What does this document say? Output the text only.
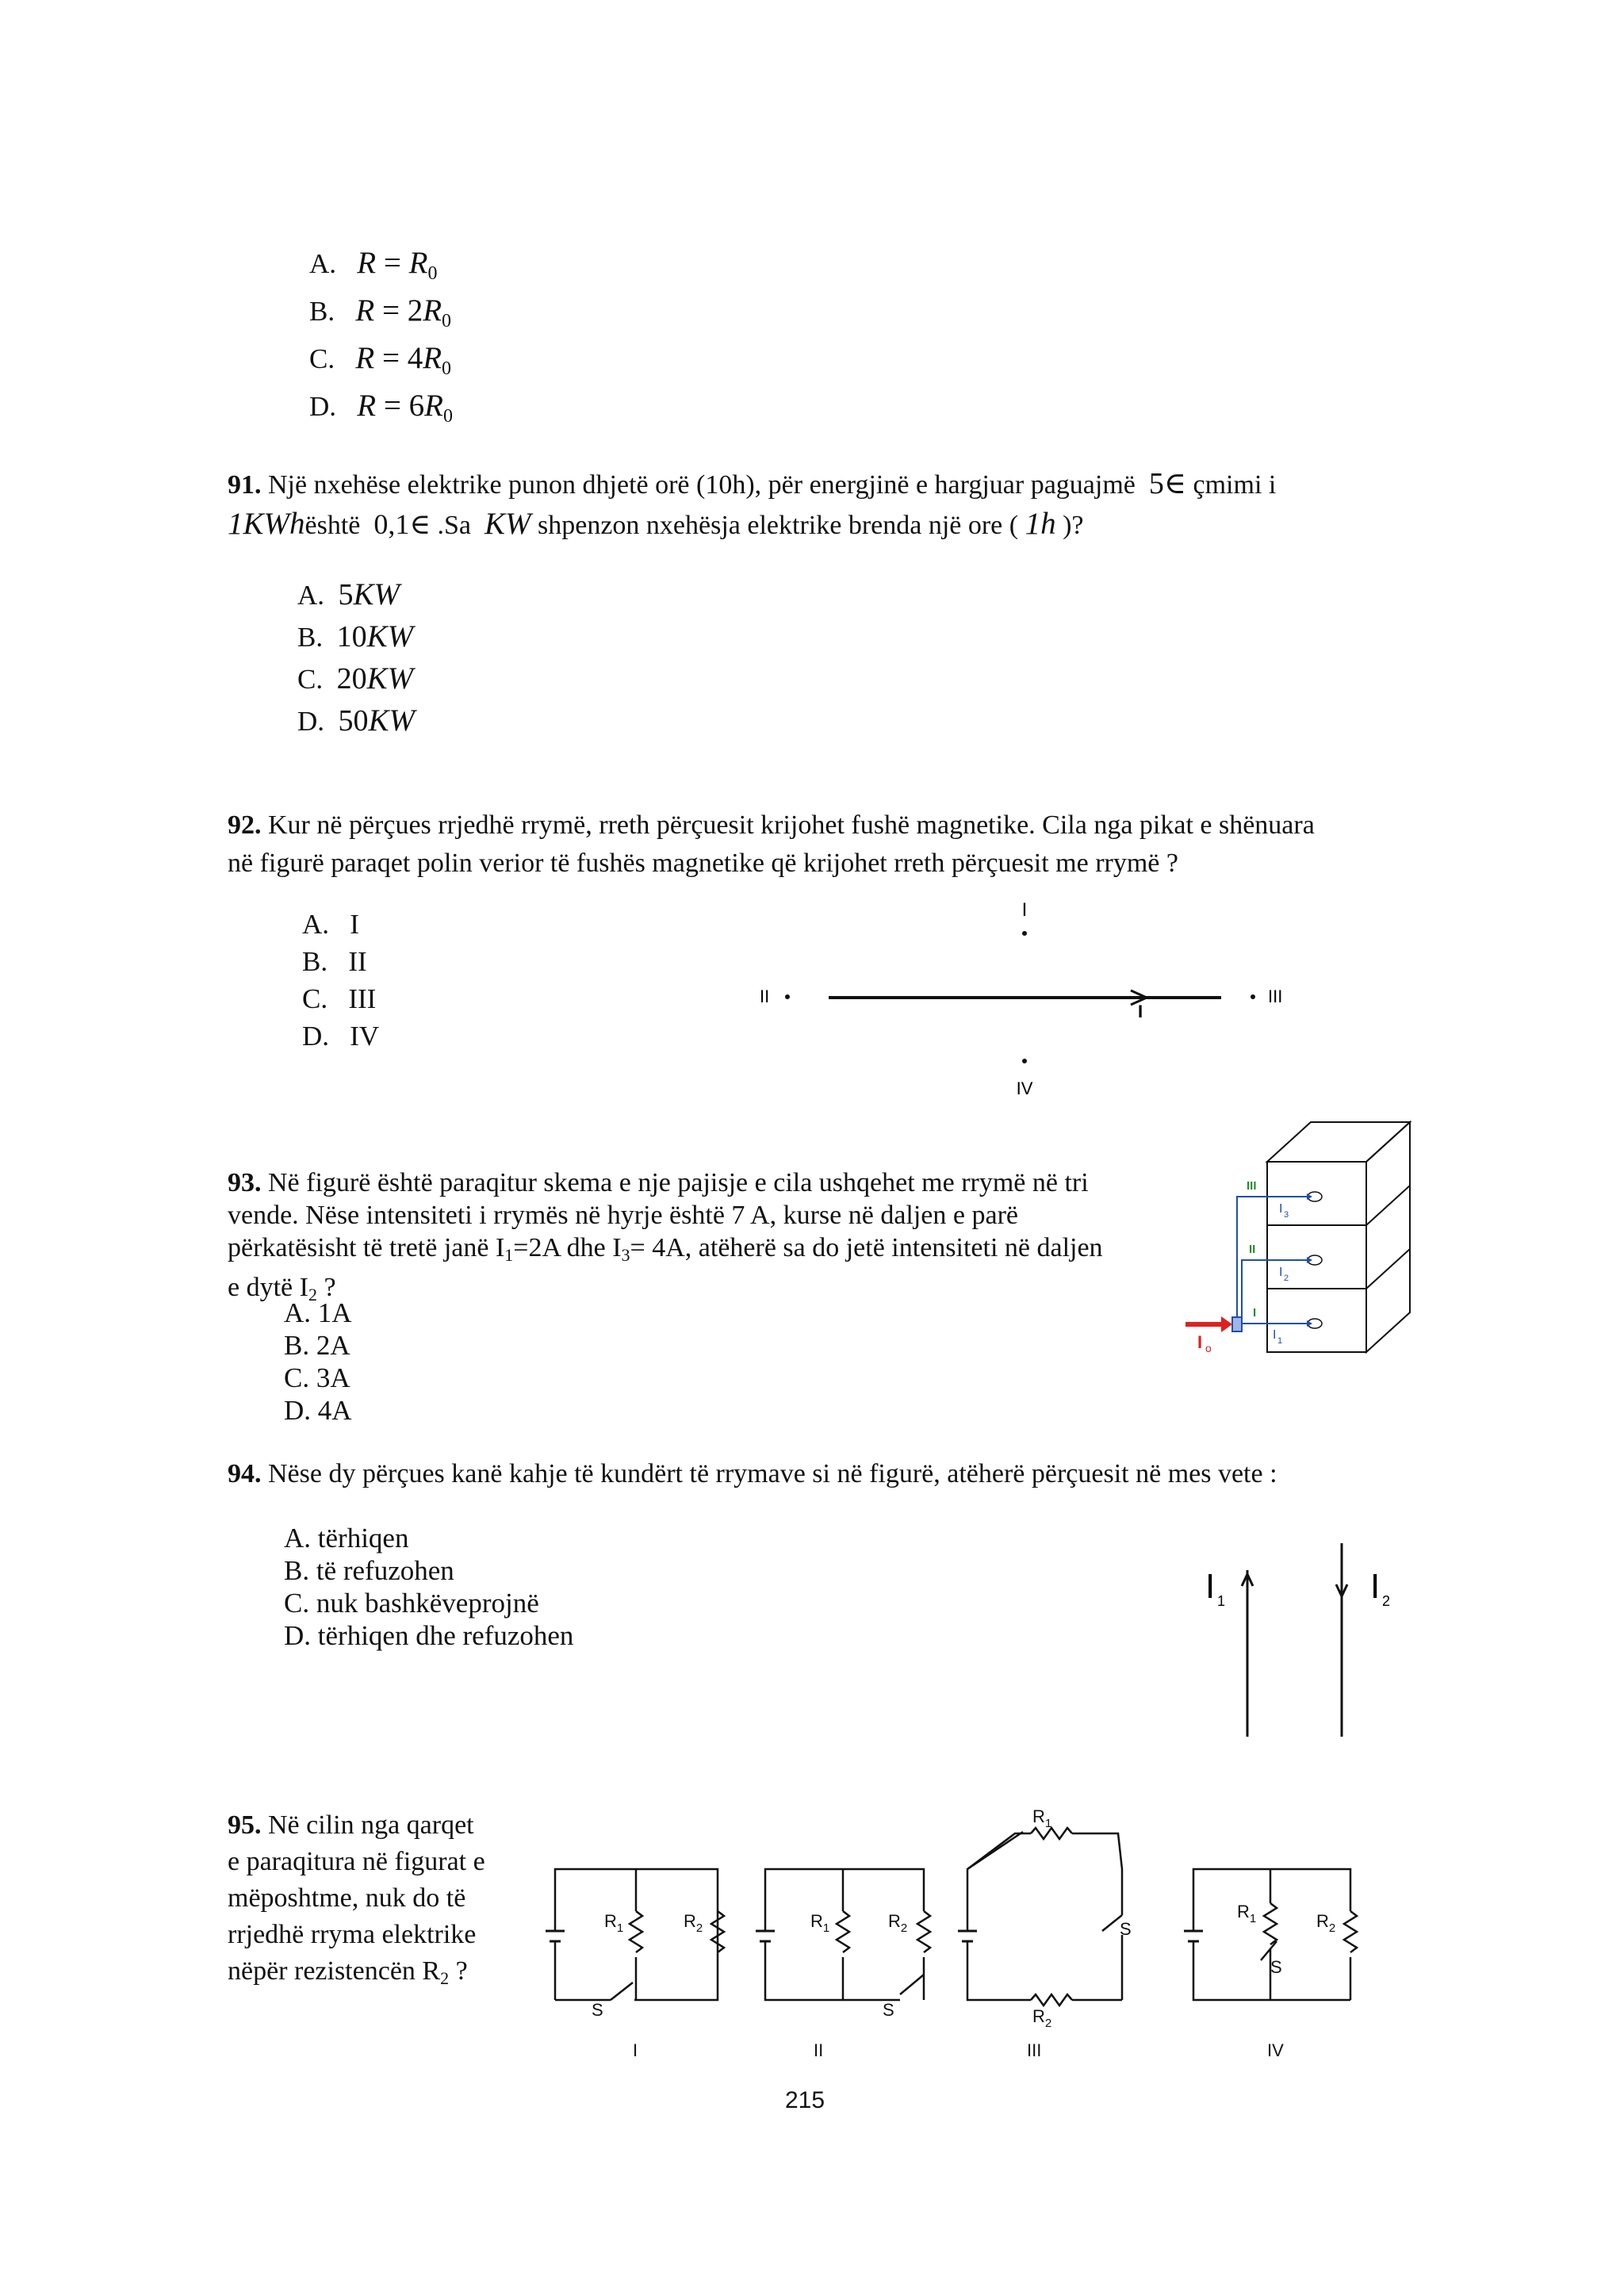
A. $R = R_0$
B. $R = 2R_0$
C. $R = 4R_0$
D. $R = 6R_0$
91. Një nxehëse elektrike punon dhjetë orë (10h), për energjinë e hargjuar paguajmë 5∈ çmimi i
1KWhështë 0,1∈ .Sa KW shpenzon nxehësja elektrike brenda një ore ( 1h )?
A. 5KW
B. 10KW
C. 20KW
D. 50KW
92. Kur në përçues rrjedhë rrymë, rreth përçuesit krijohet fushë magnetike. Cila nga pikat e shënuara
në figurë paraqet polin verior të fushës magnetike që krijohet rreth përçuesit me rrymë ?
A. I
B. II
C. III
D. IV
I
II
I
III
IV
93. Në figurë është paraqitur skema e nje pajisje e cila ushqehet me rrymë në tri
vende. Nëse intensiteti i rrymës në hyrje është 7 A, kurse në daljen e parë
përkatësisht të tretë janë I1=2A dhe I3= 4A, atëherë sa do jetë intensiteti në daljen
e dytë I2 ?
A. 1A
B. 2A
C. 3A
D. 4A
I o
III
II
I
I 3
I 2
I 1
94. Nëse dy përçues kanë kahje të kundërt të rrymave si në figurë, atëherë përçuesit në mes vete :
A. tërhiqen
B. të refuzohen
C. nuk bashkëveprojnë
D. tërhiqen dhe refuzohen
I 1	I 2
95. Në cilin nga qarqet
e paraqitura në figurat e
mëposhtme, nuk do të
rrjedhë rryma elektrike
nëpër rezistencën R2 ?
$R_1$	$R_2$
S
I
$R_1$	$R_2$
S
II
$R_1$
$R_2$
S
III
$R_1$	$R_2$
S
IV
215
